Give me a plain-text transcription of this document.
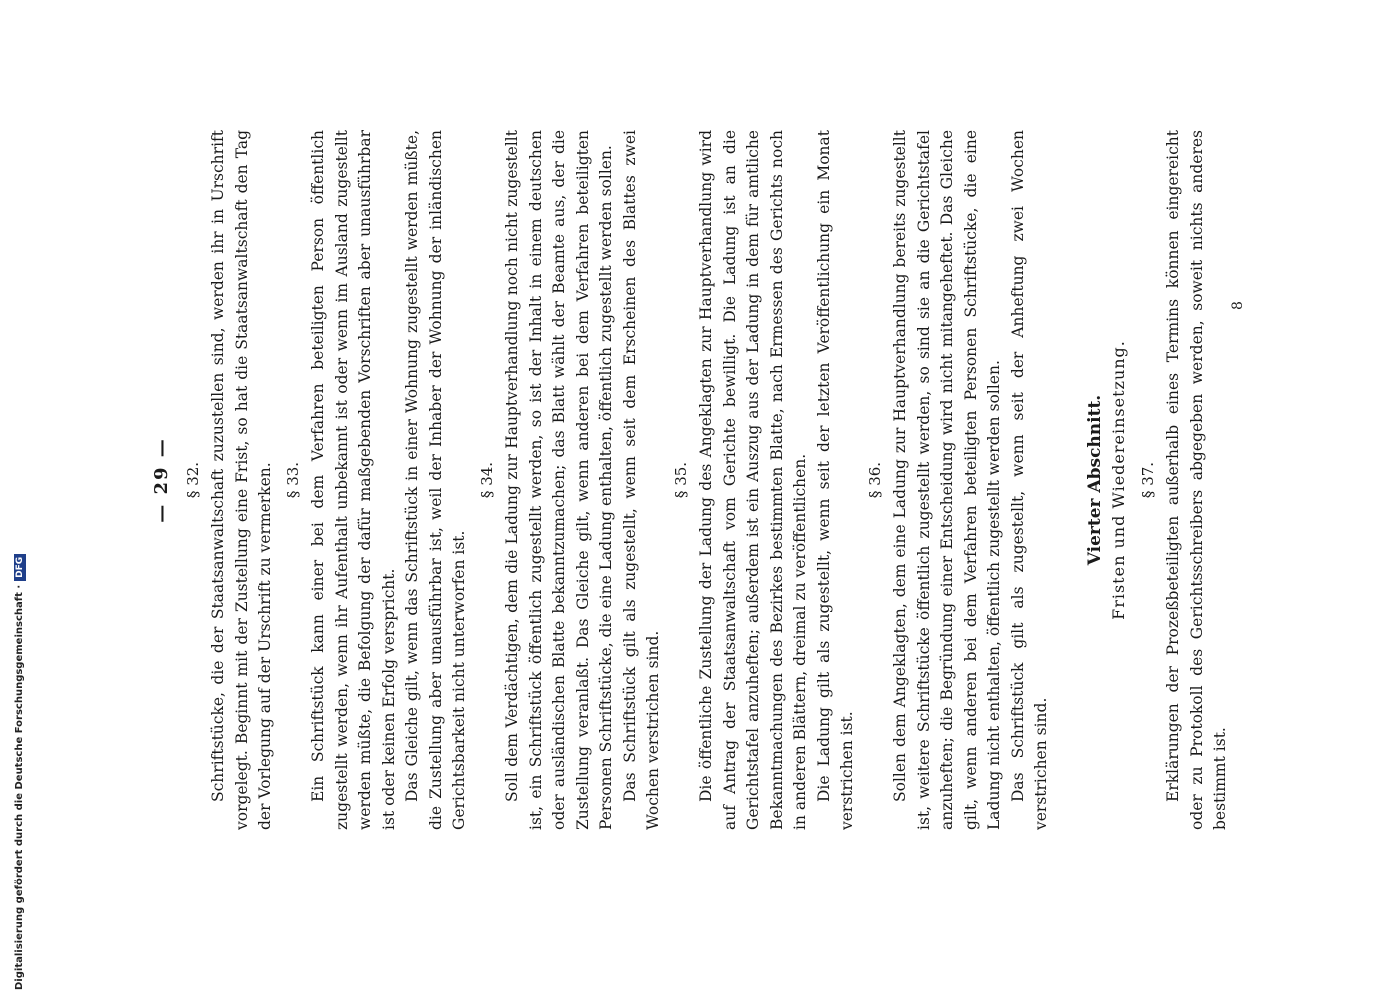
— 29 — § 32. Schriftstücke, die der Staatsanwaltschaft zuzustellen sind, werden ihr in Urschrift vorgelegt. Beginnt mit der Zustellung eine Frist, so hat die Staatsanwaltschaft den Tag der Vorlegung auf der Urschrift zu vermerken. § 33. Ein Schriftstück kann einer bei dem Verfahren beteiligten Person öffentlich zugestellt werden, wenn ihr Aufenthalt unbekannt ist oder wenn im Ausland zugestellt werden müßte, die Befolgung der dafür maßgebenden Vorschriften aber unausführbar ist oder keinen Erfolg verspricht. Das Gleiche gilt, wenn das Schriftstück in einer Wohnung zugestellt werden müßte, die Zustellung aber unausführbar ist, weil der Inhaber der Wohnung der inländischen Gerichtsbarkeit nicht unterworfen ist.

§ 34. Soll dem Verdächtigen, dem die Ladung zur Hauptverhandlung noch nicht zugestellt ist, ein Schriftstück öffentlich zugestellt werden, so ist der Inhalt in einem deutschen oder ausländischen Blatte bekanntzumachen; das Blatt wählt der Beamte aus, der die Zustellung veranlaßt. Das Gleiche gilt, wenn anderen bei dem Verfahren beteiligten Personen Schriftstücke, die eine Ladung enthalten, öffentlich zugestellt werden sollen. Das Schriftstück gilt als zugestellt, wenn seit dem Erscheinen des Blattes zwei Wochen verstrichen sind.

§ 35. Die öffentliche Zustellung der Ladung des Angeklagten zur Hauptverhandlung wird auf Antrag der Staatsanwaltschaft vom Gerichte bewilligt. Die Ladung ist an die Gerichtstafel anzuheften; außerdem ist ein Auszug aus der Ladung in dem für amtliche Bekanntmachungen des Bezirkes bestimmten Blatte, nach Ermessen des Gerichts noch in anderen Blättern, dreimal zu veröffentlichen. Die Ladung gilt als zugestellt, wenn seit der letzten Veröffentlichung ein Monat verstrichen ist.

§ 36. Sollen dem Angeklagten, dem eine Ladung zur Hauptverhandlung bereits zugestellt ist, weitere Schriftstücke öffentlich zugestellt werden, so sind sie an die Gerichtstafel anzuheften; die Begründung einer Entscheidung wird nicht mitangeheftet. Das Gleiche gilt, wenn anderen bei dem Verfahren beteiligten Personen Schriftstücke, die eine Ladung nicht enthalten, öffentlich zugestellt werden sollen. Das Schriftstück gilt als zugestellt, wenn seit der Anheftung zwei Wochen verstrichen sind.

Vierter Abschnitt. Fristen und Wiedereinsetzung. § 37. Erklärungen der Prozeßbeteiligten außerhalb eines Termins können eingereicht oder zu Protokoll des Gerichtsschreibers abgegeben werden, soweit nichts anderes bestimmt ist.

8
Digitalisierung gefördert durch die Deutsche Forschungsgemeinschaft ·DFG
